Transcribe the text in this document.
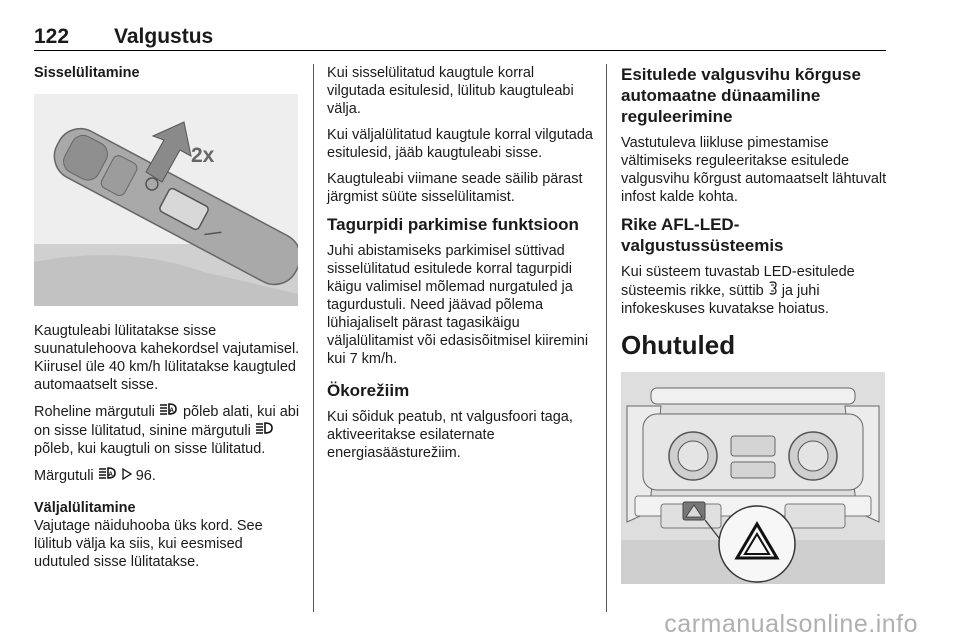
122 Valgustus
Sisselülitamine
2x

Kaugtuleabi lülitatakse sisse suunatulehoova kahekordsel vajutamisel. Kiirusel üle 40 km/h lülitatakse kaugtuled automaatselt sisse.

Roheline märgutuli A põleb alati, kui abi on sisse lülitatud, sinine märgutuli  põleb, kui kaugtuli on sisse lülitatud.

Märgutuli A 96.

Väljalülitamine

Vajutage näiduhooba üks kord. See lülitub välja ka siis, kui eesmised udutuled sisse lülitatakse.

Kui sisselülitatud kaugtule korral vilgutada esitulesid, lülitub kaugtuleabi välja.

Kui väljalülitatud kaugtule korral vilgutada esitulesid, jääb kaugtuleabi sisse.

Kaugtuleabi viimane seade säilib pärast järgmist süüte sisselülitamist.

Tagurpidi parkimise funktsioon

Juhi abistamiseks parkimisel süttivad sisselülitatud esitulede korral tagurpidi käigu valimisel mõlemad nurgatuled ja tagurdustuli. Need jäävad põlema lühiajaliselt pärast tagasikäigu väljalülitamist või edasisõitmisel kiiremini kui 7 km/h.

Ökorežiim

Kui sõiduk peatub, nt valgusfoori taga, aktiveeritakse esilaternate energiasäästurežiim.

Esitulede valgusvihu kõrguse automaatne dünaamiline reguleerimine

Vastutuleva liikluse pimestamise vältimiseks reguleeritakse esitulede valgusvihu kõrgust automaatselt lähtuvalt infost kalde kohta.

Rike AFL-LED-valgustussüsteemis

Kui süsteem tuvastab LED-esitulede süsteemis rikke, süttib  ja juhi infokeskuses kuvatakse hoiatus.

Ohutuled
carmanualsonline.info
